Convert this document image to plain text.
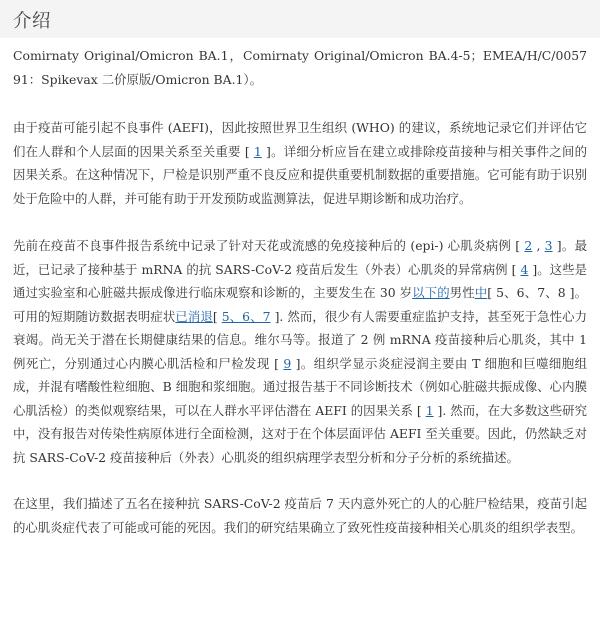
介绍

Comirnaty Original/Omicron BA.1，Comirnaty Original/Omicron BA.4-5；EMEA/H/C/005791：Spikevax 二价原版/Omicron BA.1）。

由于疫苗可能引起不良事件 (AEFI)，因此按照世界卫生组织 (WHO) 的建议，系统地记录它们并评估它们在人群和个人层面的因果关系至关重要 [ 1 ]。详细分析应旨在建立或排除疫苗接种与相关事件之间的因果关系。在这种情况下，尸检是识别严重不良反应和提供重要机制数据的重要措施。它可能有助于识别处于危险中的人群，并可能有助于开发预防或监测算法，促进早期诊断和成功治疗。

先前在疫苗不良事件报告系统中记录了针对天花或流感的免疫接种后的 (epi-) 心肌炎病例 [ 2 , 3 ]。最近，已记录了接种基于 mRNA 的抗 SARS-CoV-2 疫苗后发生（外表）心肌炎的异常病例 [ 4 ]。这些是通过实验室和心脏磁共振成像进行临床观察和诊断的，主要发生在 30 岁以下的男性中[ 5、6、7、8 ]。可用的短期随访数据表明症状已消退[ 5、6、7 ]. 然而，很少有人需要重症监护支持，甚至死于急性心力衰竭。尚无关于潜在长期健康结果的信息。维尔马等。报道了 2 例 mRNA 疫苗接种后心肌炎，其中 1 例死亡，分别通过心内膜心肌活检和尸检发现 [ 9 ]。组织学显示炎症浸润主要由 T 细胞和巨噬细胞组成，并混有嗜酸性粒细胞、B 细胞和浆细胞。通过报告基于不同诊断技术（例如心脏磁共振成像、心内膜心肌活检）的类似观察结果，可以在人群水平评估潜在 AEFI 的因果关系 [ 1 ]. 然而，在大多数这些研究中，没有报告对传染性病原体进行全面检测，这对于在个体层面评估 AEFI 至关重要。因此，仍然缺乏对抗 SARS-CoV-2 疫苗接种后（外表）心肌炎的组织病理学表型分析和分子分析的系统描述。

在这里，我们描述了五名在接种抗 SARS-CoV-2 疫苗后 7 天内意外死亡的人的心脏尸检结果，疫苗引起的心肌炎症代表了可能或可能的死因。我们的研究结果确立了致死性疫苗接种相关心肌炎的组织学表型。
